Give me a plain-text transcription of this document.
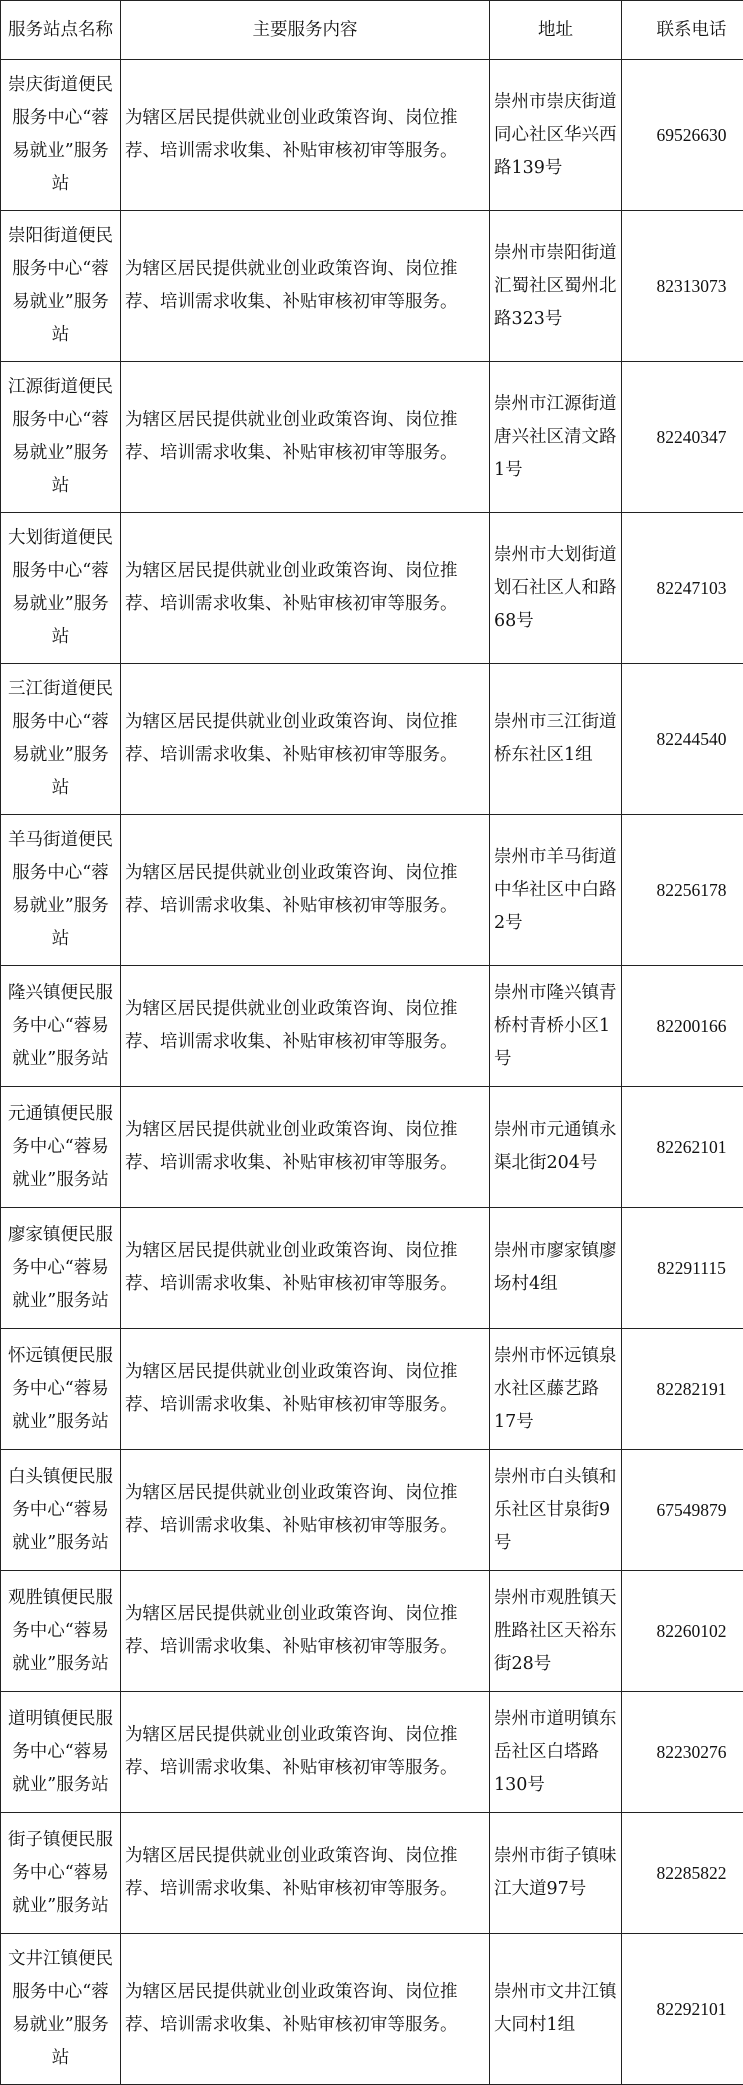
服务站点名称	主要服务内容	地址	联系电话
崇庆街道便民服务中心“蓉易就业”服务站	为辖区居民提供就业创业政策咨询、岗位推荐、培训需求收集、补贴审核初审等服务。	崇州市崇庆街道同心社区华兴西路139号	69526630
崇阳街道便民服务中心“蓉易就业”服务站	为辖区居民提供就业创业政策咨询、岗位推荐、培训需求收集、补贴审核初审等服务。	崇州市崇阳街道汇蜀社区蜀州北路323号	82313073
江源街道便民服务中心“蓉易就业”服务站	为辖区居民提供就业创业政策咨询、岗位推荐、培训需求收集、补贴审核初审等服务。	崇州市江源街道唐兴社区清文路1号	82240347
大划街道便民服务中心“蓉易就业”服务站	为辖区居民提供就业创业政策咨询、岗位推荐、培训需求收集、补贴审核初审等服务。	崇州市大划街道划石社区人和路68号	82247103
三江街道便民服务中心“蓉易就业”服务站	为辖区居民提供就业创业政策咨询、岗位推荐、培训需求收集、补贴审核初审等服务。	崇州市三江街道桥东社区1组	82244540
羊马街道便民服务中心“蓉易就业”服务站	为辖区居民提供就业创业政策咨询、岗位推荐、培训需求收集、补贴审核初审等服务。	崇州市羊马街道中华社区中白路2号	82256178
隆兴镇便民服务中心“蓉易就业”服务站	为辖区居民提供就业创业政策咨询、岗位推荐、培训需求收集、补贴审核初审等服务。	崇州市隆兴镇青桥村青桥小区1号	82200166
元通镇便民服务中心“蓉易就业”服务站	为辖区居民提供就业创业政策咨询、岗位推荐、培训需求收集、补贴审核初审等服务。	崇州市元通镇永渠北街204号	82262101
廖家镇便民服务中心“蓉易就业”服务站	为辖区居民提供就业创业政策咨询、岗位推荐、培训需求收集、补贴审核初审等服务。	崇州市廖家镇廖场村4组	82291115
怀远镇便民服务中心“蓉易就业”服务站	为辖区居民提供就业创业政策咨询、岗位推荐、培训需求收集、补贴审核初审等服务。	崇州市怀远镇泉水社区藤艺路17号	82282191
白头镇便民服务中心“蓉易就业”服务站	为辖区居民提供就业创业政策咨询、岗位推荐、培训需求收集、补贴审核初审等服务。	崇州市白头镇和乐社区甘泉街9号	67549879
观胜镇便民服务中心“蓉易就业”服务站	为辖区居民提供就业创业政策咨询、岗位推荐、培训需求收集、补贴审核初审等服务。	崇州市观胜镇天胜路社区天裕东街28号	82260102
道明镇便民服务中心“蓉易就业”服务站	为辖区居民提供就业创业政策咨询、岗位推荐、培训需求收集、补贴审核初审等服务。	崇州市道明镇东岳社区白塔路130号	82230276
街子镇便民服务中心“蓉易就业”服务站	为辖区居民提供就业创业政策咨询、岗位推荐、培训需求收集、补贴审核初审等服务。	崇州市街子镇味江大道97号	82285822
文井江镇便民服务中心“蓉易就业”服务站	为辖区居民提供就业创业政策咨询、岗位推荐、培训需求收集、补贴审核初审等服务。	崇州市文井江镇大同村1组	82292101
